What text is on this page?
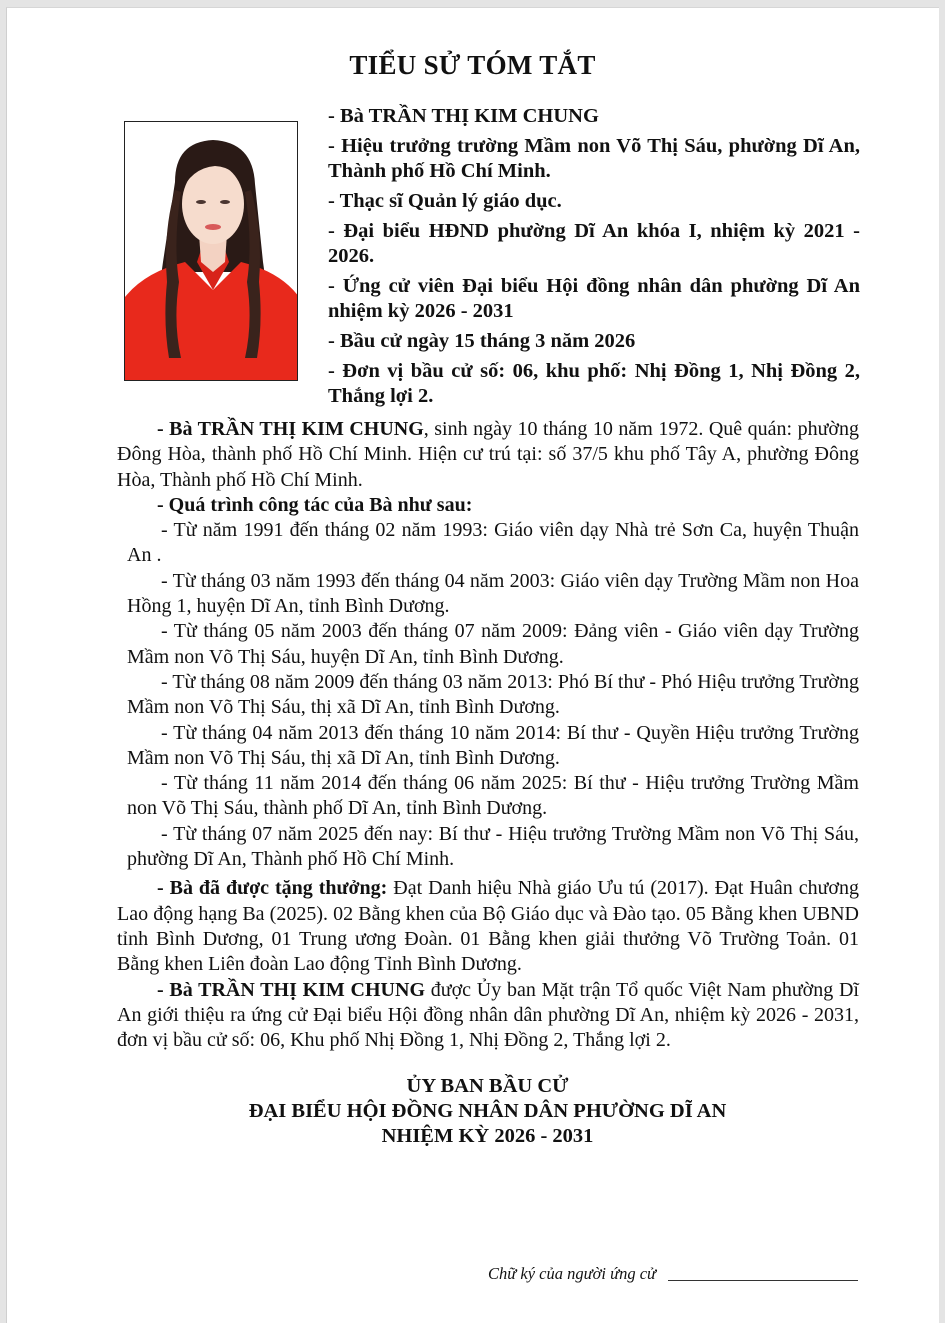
TIỂU SỬ TÓM TẮT

- Bà TRẦN THỊ KIM CHUNG

- Hiệu trưởng trường Mầm non Võ Thị Sáu, phường Dĩ An, Thành phố Hồ Chí Minh.

- Thạc sĩ Quản lý giáo dục.

- Đại biểu HĐND phường Dĩ An khóa I, nhiệm kỳ 2021 - 2026.

- Ứng cử viên Đại biểu Hội đồng nhân dân phường Dĩ An nhiệm kỳ 2026 - 2031

- Bầu cử ngày 15 tháng 3 năm 2026

- Đơn vị bầu cử số: 06, khu phố: Nhị Đồng 1, Nhị Đồng 2, Thắng lợi 2.

- Bà TRẦN THỊ KIM CHUNG, sinh ngày 10 tháng 10 năm 1972. Quê quán: phường Đông Hòa, thành phố Hồ Chí Minh. Hiện cư trú tại: số 37/5 khu phố Tây A, phường Đông Hòa, Thành phố Hồ Chí Minh.

- Quá trình công tác của Bà như sau:

- Từ năm 1991 đến tháng 02 năm 1993: Giáo viên dạy Nhà trẻ Sơn Ca, huyện Thuận An .

- Từ tháng 03 năm 1993 đến tháng 04 năm 2003: Giáo viên dạy Trường Mầm non Hoa Hồng 1, huyện Dĩ An, tỉnh Bình Dương.

- Từ tháng 05 năm 2003 đến tháng 07 năm 2009: Đảng viên - Giáo viên dạy Trường Mầm non Võ Thị Sáu, huyện Dĩ An, tỉnh Bình Dương.

- Từ tháng 08 năm 2009 đến tháng 03 năm 2013: Phó Bí thư - Phó Hiệu trưởng Trường Mầm non Võ Thị Sáu, thị xã Dĩ An, tỉnh Bình Dương.

- Từ tháng 04 năm 2013 đến tháng 10 năm 2014: Bí thư - Quyền Hiệu trưởng Trường Mầm non Võ Thị Sáu, thị xã Dĩ An, tỉnh Bình Dương.

- Từ tháng 11 năm 2014 đến tháng 06 năm 2025: Bí thư - Hiệu trưởng Trường Mầm non Võ Thị Sáu, thành phố Dĩ An, tỉnh Bình Dương.

- Từ tháng 07 năm 2025 đến nay: Bí thư - Hiệu trưởng Trường Mầm non Võ Thị Sáu, phường Dĩ An, Thành phố Hồ Chí Minh.

- Bà đã được tặng thưởng: Đạt Danh hiệu Nhà giáo Ưu tú (2017). Đạt Huân chương Lao động hạng Ba (2025). 02 Bằng khen của Bộ Giáo dục và Đào tạo. 05 Bằng khen UBND tỉnh Bình Dương, 01 Trung ương Đoàn. 01 Bằng khen giải thưởng Võ Trường Toản. 01 Bằng khen Liên đoàn Lao động Tỉnh Bình Dương.

- Bà TRẦN THỊ KIM CHUNG được Ủy ban Mặt trận Tổ quốc Việt Nam phường Dĩ An giới thiệu ra ứng cử Đại biểu Hội đồng nhân dân phường Dĩ An, nhiệm kỳ 2026 - 2031, đơn vị bầu cử số: 06, Khu phố Nhị Đồng 1, Nhị Đồng 2, Thắng lợi 2.

ỦY BAN BẦU CỬ
ĐẠI BIỂU HỘI ĐỒNG NHÂN DÂN PHƯỜNG DĨ AN
NHIỆM KỲ 2026 - 2031
Chữ ký của người ứng cử
